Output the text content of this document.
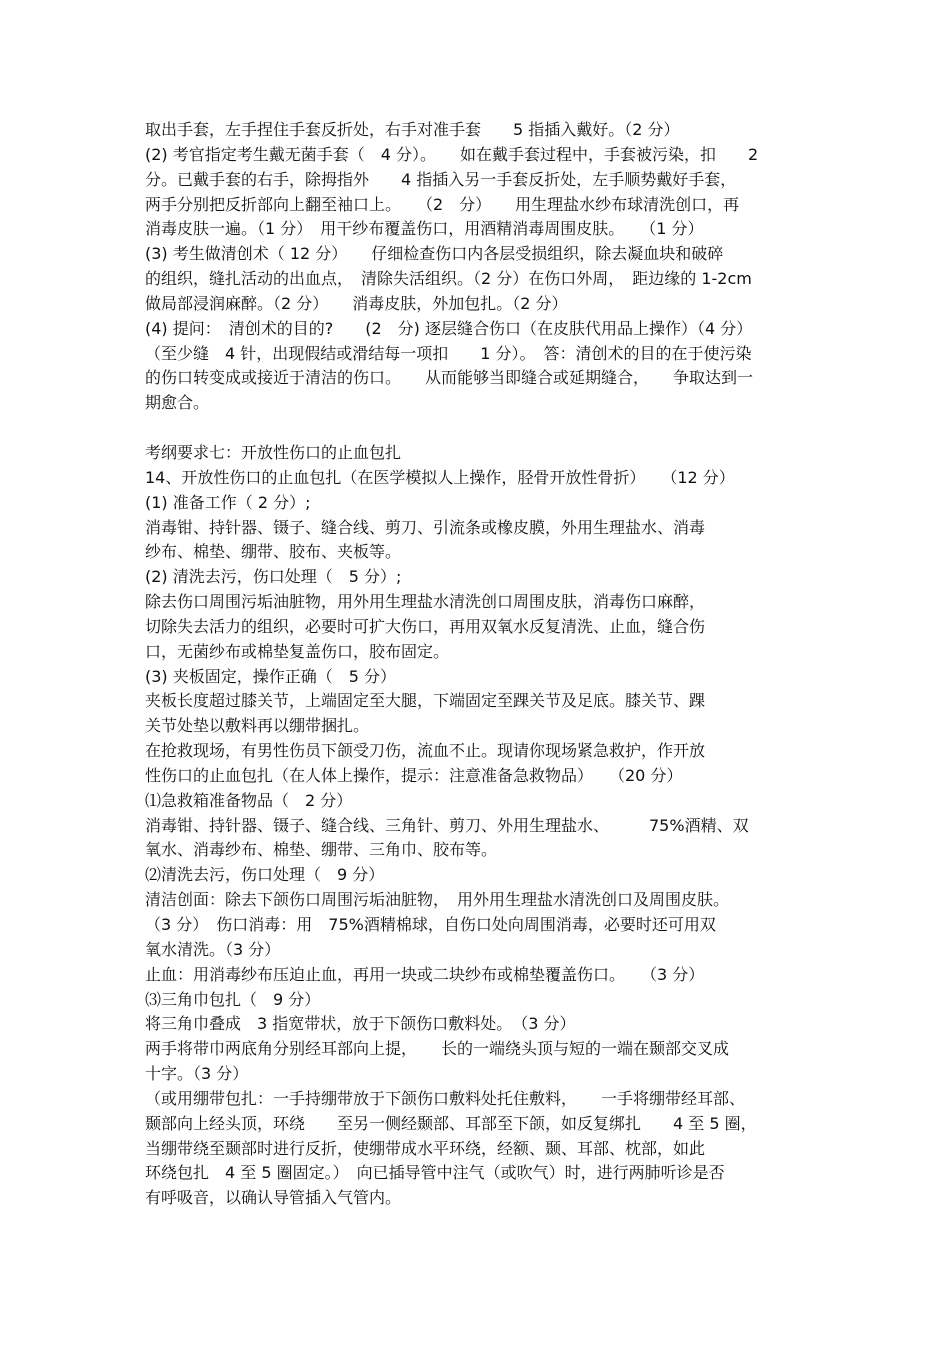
取出手套，左手捏住手套反折处，右手对准手套　　5 指插入戴好。（2 分）
(2) 考官指定考生戴无菌手套（　4 分）。　　如在戴手套过程中，手套被污染，扣　　2
分。已戴手套的右手，除拇指外　　4 指插入另一手套反折处，左手顺势戴好手套，
两手分别把反折部向上翻至袖口上。　　（2　分）　　用生理盐水纱布球清洗创口，再
消毒皮肤一遍。（1 分）　用干纱布覆盖伤口，用酒精消毒周围皮肤。　　（1 分）
(3) 考生做清创术（ 12 分）　　仔细检查伤口内各层受损组织，除去凝血块和破碎
的组织，缝扎活动的出血点，　清除失活组织。（2 分）在伤口外周，　距边缘的 1-2cm
做局部浸润麻醉。（2 分）　　消毒皮肤，外加包扎。（2 分）
(4) 提问：　清创术的目的?　　(2　分) 逐层缝合伤口（在皮肤代用品上操作）（4 分）
（至少缝　4 针，出现假结或滑结每一项扣　　1 分）。　答：清创术的目的在于使污染
的伤口转变成或接近于清洁的伤口。　　从而能够当即缝合或延期缝合，　　争取达到一
期愈合。
考纲要求七：开放性伤口的止血包扎
14、开放性伤口的止血包扎（在医学模拟人上操作，胫骨开放性骨折）　　（12 分）
(1) 准备工作（ 2 分）;
消毒钳、持针器、镊子、缝合线、剪刀、引流条或橡皮膜，外用生理盐水、消毒
纱布、棉垫、绷带、胶布、夹板等。
(2) 清洗去污，伤口处理（　5 分）;
除去伤口周围污垢油脏物，用外用生理盐水清洗创口周围皮肤，消毒伤口麻醉，
切除失去活力的组织，必要时可扩大伤口，再用双氧水反复清洗、止血，缝合伤
口，无菌纱布或棉垫复盖伤口，胶布固定。
(3) 夹板固定，操作正确（　5 分）
夹板长度超过膝关节，上端固定至大腿，下端固定至踝关节及足底。膝关节、踝
关节处垫以敷料再以绷带捆扎。
在抢救现场，有男性伤员下颌受刀伤，流血不止。现请你现场紧急救护，作开放
性伤口的止血包扎（在人体上操作，提示：注意准备急救物品）　　（20 分）
⑴急救箱准备物品（　2 分）
消毒钳、持针器、镊子、缝合线、三角针、剪刀、外用生理盐水、　　　75%酒精、双
氧水、消毒纱布、棉垫、绷带、三角巾、胶布等。
⑵清洗去污，伤口处理（　9 分）
清洁创面：除去下颌伤口周围污垢油脏物，　用外用生理盐水清洗创口及周围皮肤。
（3 分）　伤口消毒：用　75%酒精棉球，自伤口处向周围消毒，必要时还可用双
氧水清洗。（3 分）
止血：用消毒纱布压迫止血，再用一块或二块纱布或棉垫覆盖伤口。　　（3 分）
⑶三角巾包扎（　9 分）
将三角巾叠成　3 指宽带状，放于下颌伤口敷料处。　（3 分）
两手将带巾两底角分别经耳部向上提，　　长的一端绕头顶与短的一端在颞部交叉成
十字。（3 分）
（或用绷带包扎：一手持绷带放于下颌伤口敷料处托住敷料，　　一手将绷带经耳部、
颞部向上经头顶，环绕　　至另一侧经颞部、耳部至下颌，如反复绑扎　　4 至 5 圈，
当绷带绕至颞部时进行反折，使绷带成水平环绕，经额、颞、耳部、枕部，如此
环绕包扎　4 至 5 圈固定。）　向已插导管中注气（或吹气）时，进行两肺听诊是否
有呼吸音，以确认导管插入气管内。
